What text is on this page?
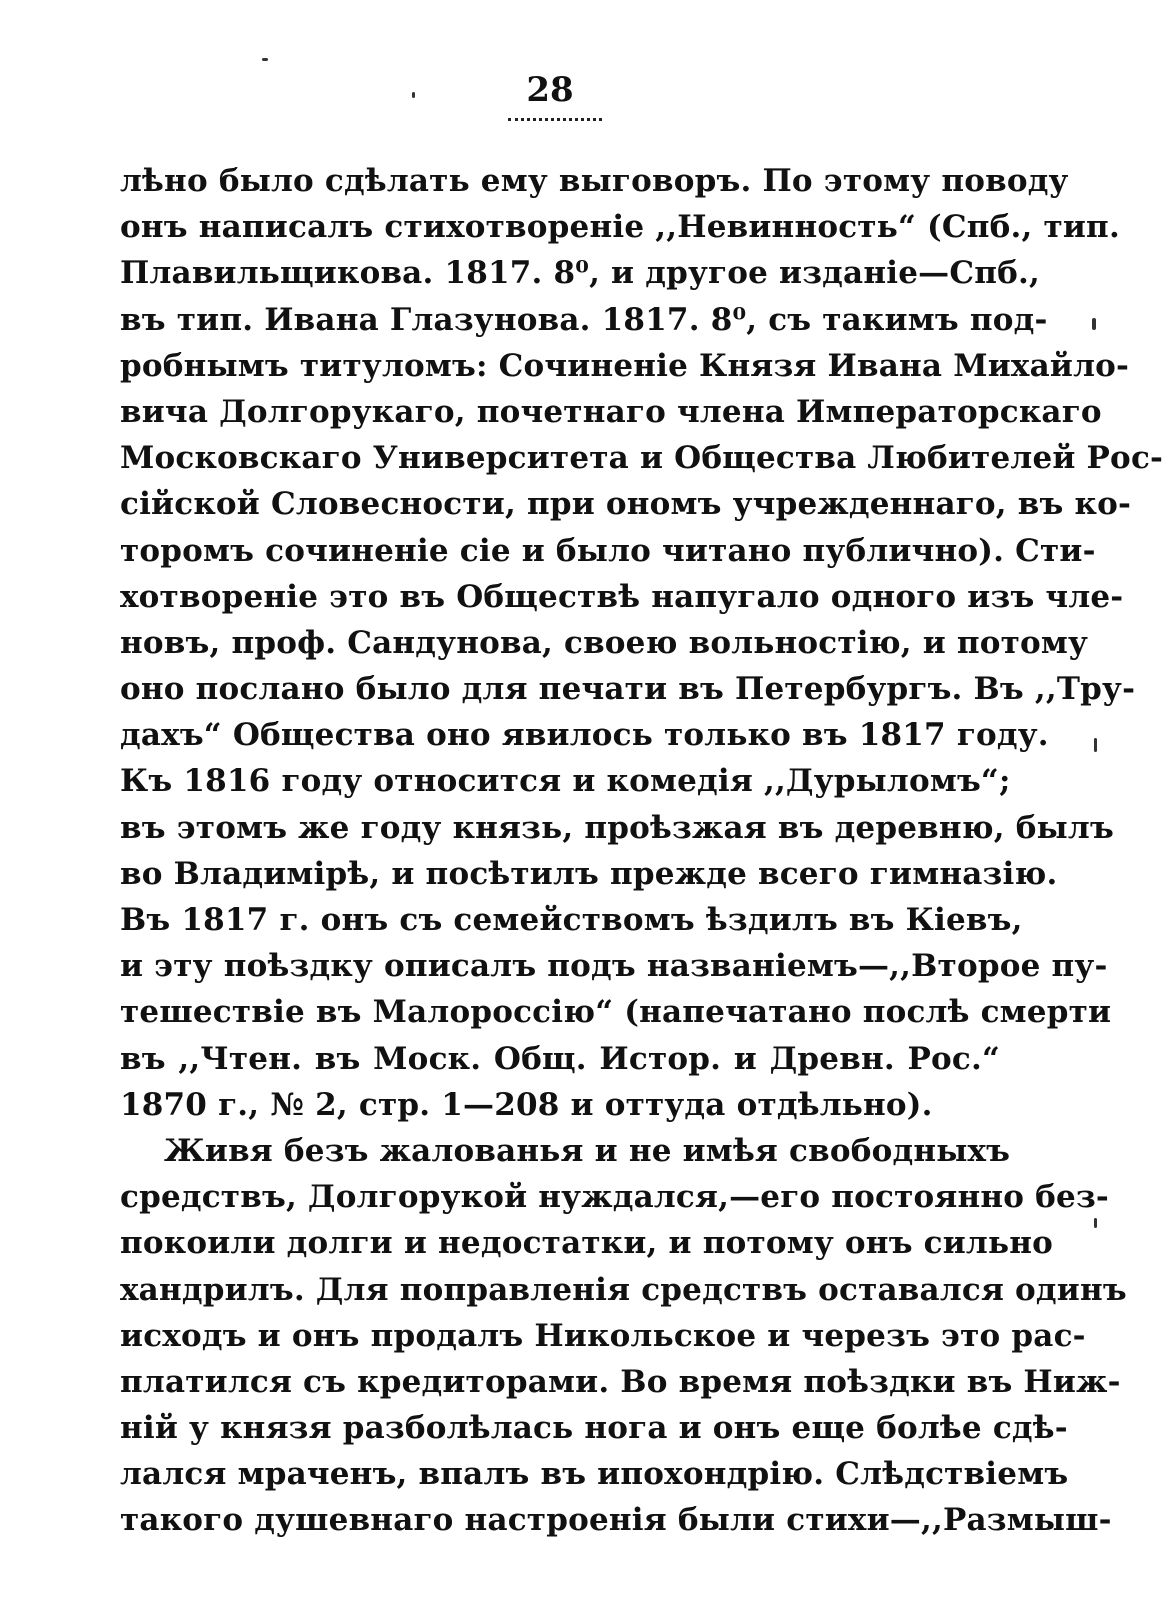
28
лѣно было сдѣлать ему выговоръ. По этому поводу
онъ написалъ стихотвореніе ,,Невинность“ (Спб., тип.
Плавильщикова. 1817. 8⁰, и другое изданіе—Спб.,
въ тип. Ивана Глазунова. 1817. 8⁰, съ такимъ под-
робнымъ титуломъ: Сочиненіе Князя Ивана Михайло-
вича Долгорукаго, почетнаго члена Императорскаго
Московскаго Университета и Общества Любителей Рос-
сійской Словесности, при ономъ учрежденнаго, въ ко-
торомъ сочиненіе сіе и было читано публично). Сти-
хотвореніе это въ Обществѣ напугало одного изъ чле-
новъ, проф. Сандунова, своею вольностію, и потому
оно послано было для печати въ Петербургъ. Въ ,,Тру-
дахъ“ Общества оно явилось только въ 1817 году.
Къ 1816 году относится и комедія ,,Дурыломъ“;
въ этомъ же году князь, проѣзжая въ деревню, былъ
во Владимірѣ, и посѣтилъ прежде всего гимназію.
Въ 1817 г. онъ съ семействомъ ѣздилъ въ Кіевъ,
и эту поѣздку описалъ подъ названіемъ—,,Второе пу-
тешествіе въ Малороссію“ (напечатано послѣ смерти
въ ,,Чтен. въ Моск. Общ. Истор. и Древн. Рос.“
1870 г., № 2, стр. 1—208 и оттуда отдѣльно).
Живя безъ жалованья и не имѣя свободныхъ
средствъ, Долгорукой нуждался,—его постоянно без-
покоили долги и недостатки, и потому онъ сильно
хандрилъ. Для поправленія средствъ оставался одинъ
исходъ и онъ продалъ Никольское и черезъ это рас-
платился съ кредиторами. Во время поѣздки въ Ниж-
ній у князя разболѣлась нога и онъ еще болѣе сдѣ-
лался мраченъ, впалъ въ ипохондрію. Слѣдствіемъ
такого душевнаго настроенія были стихи—,,Размыш-
